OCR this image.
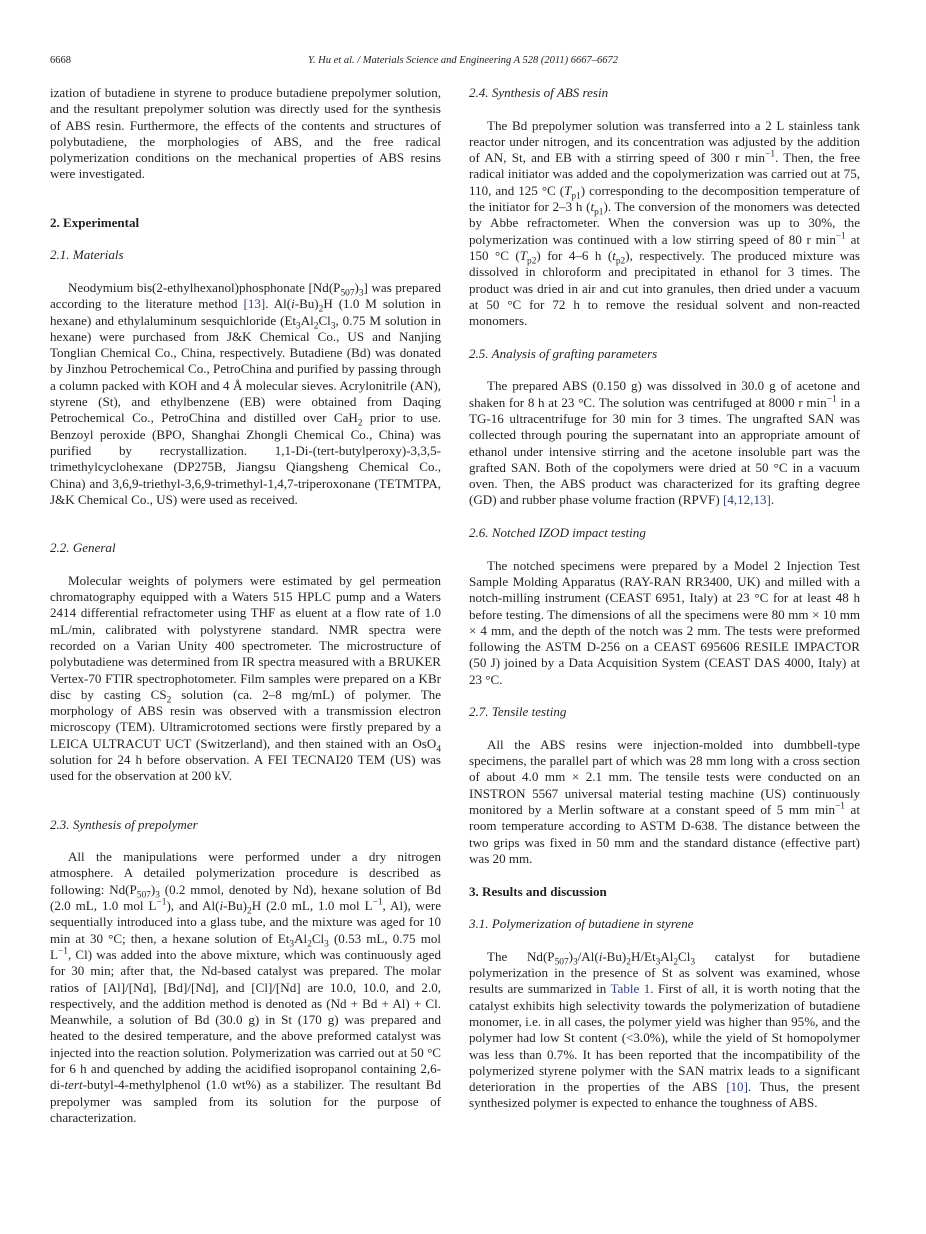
6668	Y. Hu et al. / Materials Science and Engineering A 528 (2011) 6667–6672

ization of butadiene in styrene to produce butadiene prepolymer solution, and the resultant prepolymer solution was directly used for the synthesis of ABS resin. Furthermore, the effects of the contents and structures of polybutadiene, the morphologies of ABS, and the free radical polymerization conditions on the mechanical properties of ABS resins were investigated.

2. Experimental

2.1. Materials

Neodymium bis(2-ethylhexanol)phosphonate $[Nd(P_{507})_3]$ was prepared according to the literature method [13]. $Al(i-Bu)_2H$ (1.0 M solution in hexane) and ethylaluminum sesquichloride ($Et_3Al_2Cl_3$, 0.75 M solution in hexane) were purchased from J&K Chemical Co., US and Nanjing Tonglian Chemical Co., China, respectively. Butadiene (Bd) was donated by Jinzhou Petrochemical Co., PetroChina and purified by passing through a column packed with KOH and 4 Å molecular sieves. Acrylonitrile (AN), styrene (St), and ethylbenzene (EB) were obtained from Daqing Petrochemical Co., PetroChina and distilled over CaH$_2$ prior to use. Benzoyl peroxide (BPO, Shanghai Zhongli Chemical Co., China) was purified by recrystallization. 1,1-Di-(tert-butylperoxy)-3,3,5-trimethylcyclohexane (DP275B, Jiangsu Qiangsheng Chemical Co., China) and 3,6,9-triethyl-3,6,9-trimethyl-1,4,7-triperoxonane (TETMTPA, J&K Chemical Co., US) were used as received.

2.2. General

Molecular weights of polymers were estimated by gel permeation chromatography equipped with a Waters 515 HPLC pump and a Waters 2414 differential refractometer using THF as eluent at a flow rate of 1.0 mL/min, calibrated with polystyrene standard. NMR spectra were recorded on a Varian Unity 400 spectrometer. The microstructure of polybutadiene was determined from IR spectra measured with a BRUKER Vertex-70 FTIR spectrophotometer. Film samples were prepared on a KBr disc by casting $CS_2$ solution (ca. 2–8 mg/mL) of polymer. The morphology of ABS resin was observed with a transmission electron microscopy (TEM). Ultramicrotomed sections were firstly prepared by a LEICA ULTRACUT UCT (Switzerland), and then stained with an OsO$_4$ solution for 24 h before observation. A FEI TECNAI20 TEM (US) was used for the observation at 200 kV.

2.3. Synthesis of prepolymer

All the manipulations were performed under a dry nitrogen atmosphere. A detailed polymerization procedure is described as following: $Nd(P_{507})_3$ (0.2 mmol, denoted by Nd), hexane solution of Bd (2.0 mL, 1.0 mol $L^{-1}$), and $Al(i-Bu)_2H$ (2.0 mL, 1.0 mol $L^{-1}$, Al), were sequentially introduced into a glass tube, and the mixture was aged for 10 min at 30 °C; then, a hexane solution of $Et_3Al_2Cl_3$ (0.53 mL, 0.75 mol $L^{-1}$, Cl) was added into the above mixture, which was continuously aged for 30 min; after that, the Nd-based catalyst was prepared. The molar ratios of [Al]/[Nd], [Bd]/[Nd], and [Cl]/[Nd] are 10.0, 10.0, and 2.0, respectively, and the addition method is denoted as (Nd + Bd + Al) + Cl. Meanwhile, a solution of Bd (30.0 g) in St (170 g) was prepared and heated to the desired temperature, and the above preformed catalyst was injected into the reaction solution. Polymerization was carried out at 50 °C for 6 h and quenched by adding the acidified isopropanol containing 2,6-di-tert-butyl-4-methylphenol (1.0 wt%) as a stabilizer. The resultant Bd prepolymer was sampled from its solution for the purpose of characterization.

2.4. Synthesis of ABS resin

The Bd prepolymer solution was transferred into a 2 L stainless tank reactor under nitrogen, and its concentration was adjusted by the addition of AN, St, and EB with a stirring speed of 300 r $\min^{-1}$. Then, the free radical initiator was added and the copolymerization was carried out at 75, 110, and 125 °C $(T_{p1})$ corresponding to the decomposition temperature of the initiator for 2–3 h $(t_{p1})$. The conversion of the monomers was detected by Abbe refractometer. When the conversion was up to 30%, the polymerization was continued with a low stirring speed of 80 r $\min^{-1}$ at 150 °C $(T_{p2})$ for 4–6 h $(t_{p2})$, respectively. The produced mixture was dissolved in chloroform and precipitated in ethanol for 3 times. The product was dried in air and cut into granules, then dried under a vacuum at 50 °C for 72 h to remove the residual solvent and non-reacted monomers.

2.5. Analysis of grafting parameters

The prepared ABS (0.150 g) was dissolved in 30.0 g of acetone and shaken for 8 h at 23 °C. The solution was centrifuged at 8000 r $\min^{-1}$ in a TG-16 ultracentrifuge for 30 min for 3 times. The ungrafted SAN was collected through pouring the supernatant into an appropriate amount of ethanol under intensive stirring and the acetone insoluble part was the grafted SAN. Both of the copolymers were dried at 50 °C in a vacuum oven. Then, the ABS product was characterized for its grafting degree (GD) and rubber phase volume fraction (RPVF) [4,12,13].

2.6. Notched IZOD impact testing

The notched specimens were prepared by a Model 2 Injection Test Sample Molding Apparatus (RAY-RAN RR3400, UK) and milled with a notch-milling instrument (CEAST 6951, Italy) at 23 °C for at least 48 h before testing. The dimensions of all the specimens were 80 mm × 10 mm × 4 mm, and the depth of the notch was 2 mm. The tests were preformed following the ASTM D-256 on a CEAST 695606 RESILE IMPACTOR (50 J) joined by a Data Acquisition System (CEAST DAS 4000, Italy) at 23 °C.

2.7. Tensile testing

All the ABS resins were injection-molded into dumbbell-type specimens, the parallel part of which was 28 mm long with a cross section of about 4.0 mm × 2.1 mm. The tensile tests were conducted on an INSTRON 5567 universal material testing machine (US) continuously monitored by a Merlin software at a constant speed of 5 mm $\min^{-1}$ at room temperature according to ASTM D-638. The distance between the two grips was fixed in 50 mm and the standard distance (effective part) was 20 mm.

3. Results and discussion

3.1. Polymerization of butadiene in styrene

The $Nd(P_{507})_3/Al(i-Bu)_2H/Et_3Al_2Cl_3$ catalyst for butadiene polymerization in the presence of St as solvent was examined, whose results are summarized in Table 1. First of all, it is worth noting that the catalyst exhibits high selectivity towards the polymerization of butadiene monomer, i.e. in all cases, the polymer yield was higher than 95%, and the polymer had low St content (<3.0%), while the yield of St homopolymer was less than 0.7%. It has been reported that the incompatibility of the polymerized styrene polymer with the SAN matrix leads to a significant deterioration in the properties of the ABS [10]. Thus, the present synthesized polymer is expected to enhance the toughness of ABS.
